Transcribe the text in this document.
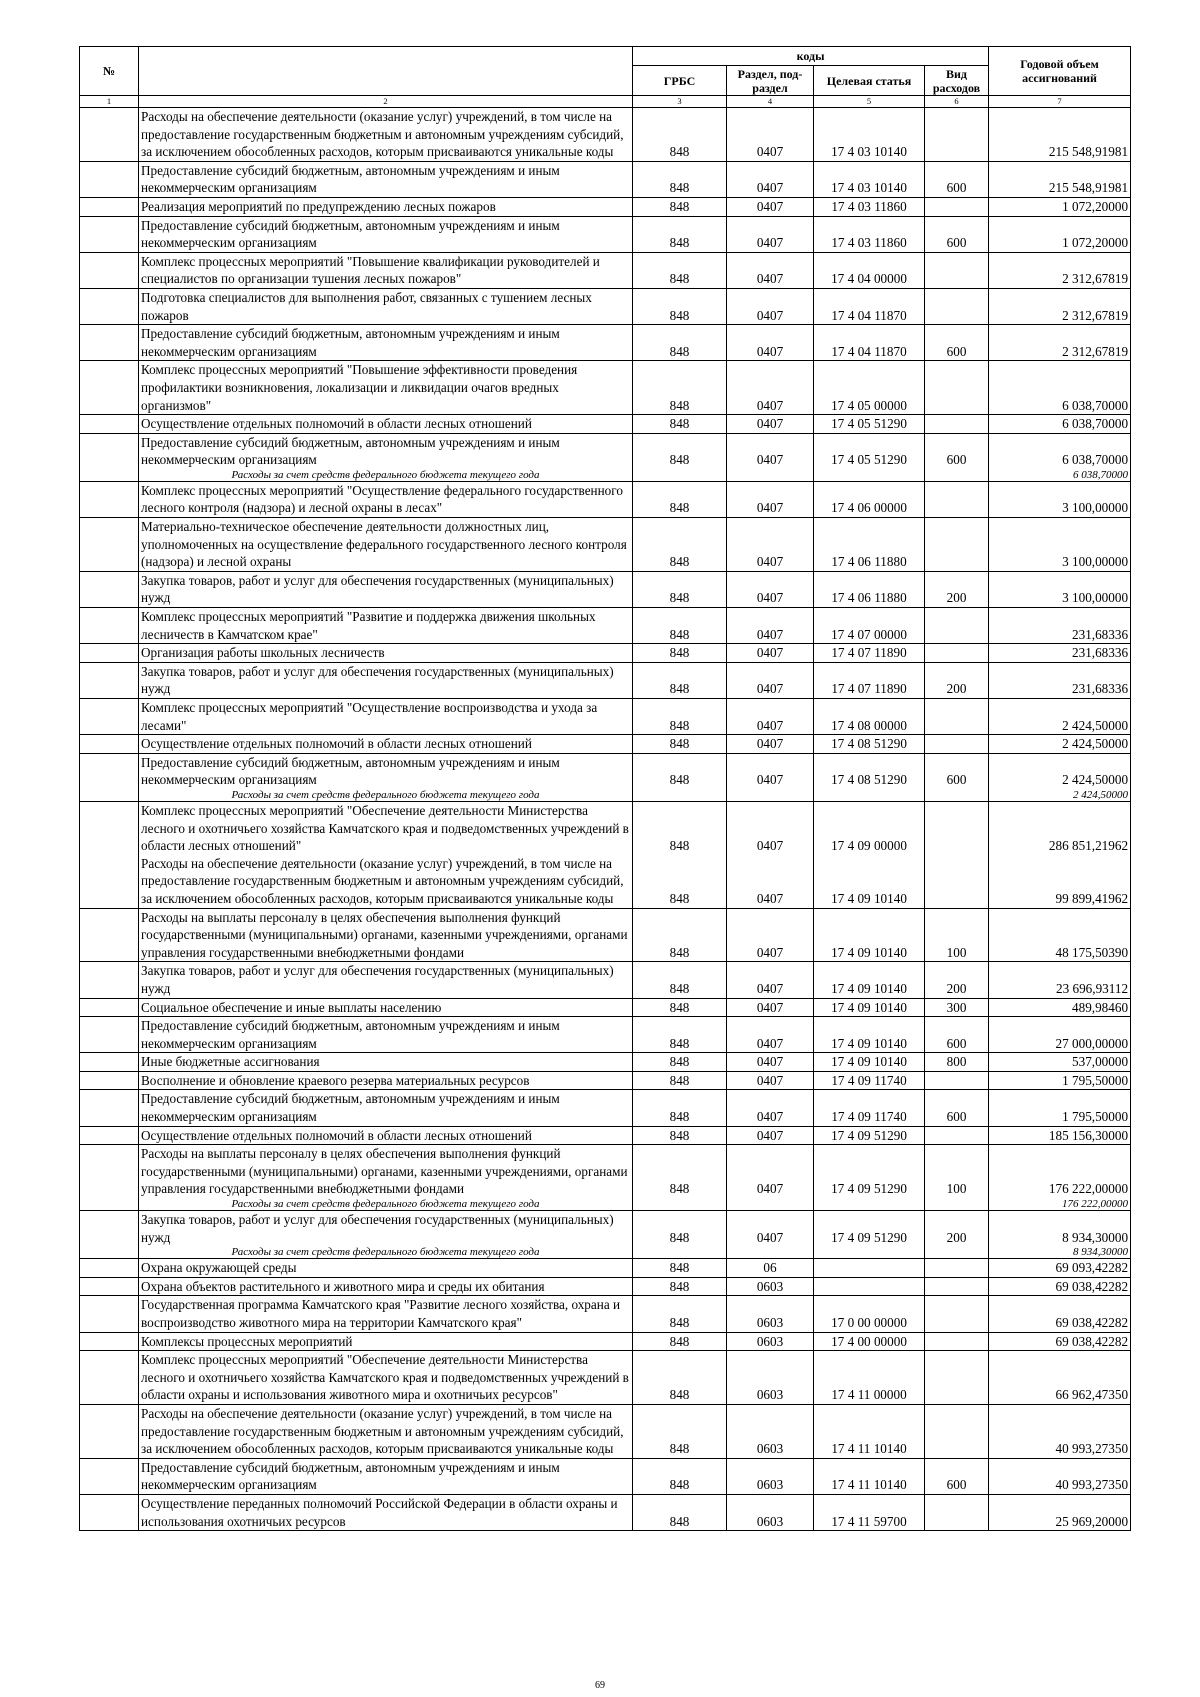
№		коды				Годовой объем ассигнований
		ГРБС	Раздел, под-раздел	Целевая статья	Вид расходов	
1	2	3	4	5	6	7
	Расходы на обеспечение деятельности (оказание услуг) учреждений, в том числе на предоставление государственным бюджетным и автономным учреждениям субсидий, за исключением обособленных расходов, которым присваиваются уникальные коды	848	0407	17 4 03 10140		215 548,91981
	Предоставление субсидий бюджетным, автономным учреждениям и иным некоммерческим организациям	848	0407	17 4 03 10140	600	215 548,91981
	Реализация мероприятий по предупреждению лесных пожаров	848	0407	17 4 03 11860		1 072,20000
	Предоставление субсидий бюджетным, автономным учреждениям и иным некоммерческим организациям	848	0407	17 4 03 11860	600	1 072,20000
	Комплекс процессных мероприятий "Повышение квалификации руководителей и специалистов по организации тушения лесных пожаров"	848	0407	17 4 04 00000		2 312,67819
	Подготовка специалистов для выполнения работ, связанных с тушением лесных пожаров	848	0407	17 4 04 11870		2 312,67819
	Предоставление субсидий бюджетным, автономным учреждениям и иным некоммерческим организациям	848	0407	17 4 04 11870	600	2 312,67819
	Комплекс процессных мероприятий "Повышение эффективности проведения профилактики возникновения, локализации и ликвидации очагов вредных организмов"	848	0407	17 4 05 00000		6 038,70000
	Осуществление отдельных полномочий в области лесных отношений	848	0407	17 4 05 51290		6 038,70000
	Предоставление субсидий бюджетным, автономным учреждениям и иным некоммерческим организациям	848	0407	17 4 05 51290	600	6 038,70000
	Расходы за счет средств федерального бюджета текущего года					6 038,70000
	Комплекс процессных мероприятий "Осуществление федерального государственного лесного контроля (надзора) и лесной охраны в лесах"	848	0407	17 4 06 00000		3 100,00000
	Материально-техническое обеспечение деятельности должностных лиц, уполномоченных на осуществление федерального государственного лесного контроля (надзора) и лесной охраны	848	0407	17 4 06 11880		3 100,00000
	Закупка товаров, работ и услуг для обеспечения государственных (муниципальных) нужд	848	0407	17 4 06 11880	200	3 100,00000
	Комплекс процессных мероприятий "Развитие и поддержка движения школьных лесничеств в Камчатском крае"	848	0407	17 4 07 00000		231,68336
	Организация работы школьных лесничеств	848	0407	17 4 07 11890		231,68336
	Закупка товаров, работ и услуг для обеспечения государственных (муниципальных) нужд	848	0407	17 4 07 11890	200	231,68336
	Комплекс процессных мероприятий "Осуществление воспроизводства и ухода за лесами"	848	0407	17 4 08 00000		2 424,50000
	Осуществление отдельных полномочий в области лесных отношений	848	0407	17 4 08 51290		2 424,50000
	Предоставление субсидий бюджетным, автономным учреждениям и иным некоммерческим организациям	848	0407	17 4 08 51290	600	2 424,50000
	Расходы за счет средств федерального бюджета текущего года					2 424,50000
	Комплекс процессных мероприятий "Обеспечение деятельности Министерства лесного и охотничьего хозяйства Камчатского края и подведомственных учреждений в области лесных отношений"	848	0407	17 4 09 00000		286 851,21962
	Расходы на обеспечение деятельности (оказание услуг) учреждений, в том числе на предоставление государственным бюджетным и автономным учреждениям субсидий, за исключением обособленных расходов, которым присваиваются уникальные коды	848	0407	17 4 09 10140		99 899,41962
	Расходы на выплаты персоналу в целях обеспечения выполнения функций государственными (муниципальными) органами, казенными учреждениями, органами управления государственными внебюджетными фондами	848	0407	17 4 09 10140	100	48 175,50390
	Закупка товаров, работ и услуг для обеспечения государственных (муниципальных) нужд	848	0407	17 4 09 10140	200	23 696,93112
	Социальное обеспечение и иные выплаты населению	848	0407	17 4 09 10140	300	489,98460
	Предоставление субсидий бюджетным, автономным учреждениям и иным некоммерческим организациям	848	0407	17 4 09 10140	600	27 000,00000
	Иные бюджетные ассигнования	848	0407	17 4 09 10140	800	537,00000
	Восполнение и обновление краевого резерва материальных ресурсов	848	0407	17 4 09 11740		1 795,50000
	Предоставление субсидий бюджетным, автономным учреждениям и иным некоммерческим организациям	848	0407	17 4 09 11740	600	1 795,50000
	Осуществление отдельных полномочий в области лесных отношений	848	0407	17 4 09 51290		185 156,30000
	Расходы на выплаты персоналу в целях обеспечения выполнения функций государственными (муниципальными) органами, казенными учреждениями, органами управления государственными внебюджетными фондами	848	0407	17 4 09 51290	100	176 222,00000
	Расходы за счет средств федерального бюджета текущего года					176 222,00000
	Закупка товаров, работ и услуг для обеспечения государственных (муниципальных) нужд	848	0407	17 4 09 51290	200	8 934,30000
	Расходы за счет средств федерального бюджета текущего года					8 934,30000
	Охрана окружающей среды	848	06			69 093,42282
	Охрана объектов растительного и животного мира и среды их обитания	848	0603			69 038,42282
	Государственная программа Камчатского края "Развитие лесного хозяйства, охрана и воспроизводство животного мира на территории Камчатского края"	848	0603	17 0 00 00000		69 038,42282
	Комплексы процессных мероприятий	848	0603	17 4 00 00000		69 038,42282
	Комплекс процессных мероприятий "Обеспечение деятельности Министерства лесного и охотничьего хозяйства Камчатского края и подведомственных учреждений в области охраны и использования животного мира и охотничьих ресурсов"	848	0603	17 4 11 00000		66 962,47350
	Расходы на обеспечение деятельности (оказание услуг) учреждений, в том числе на предоставление государственным бюджетным и автономным учреждениям субсидий, за исключением обособленных расходов, которым присваиваются уникальные коды	848	0603	17 4 11 10140		40 993,27350
	Предоставление субсидий бюджетным, автономным учреждениям и иным некоммерческим организациям	848	0603	17 4 11 10140	600	40 993,27350
	Осуществление переданных полномочий Российской Федерации в области охраны и использования охотничьих ресурсов	848	0603	17 4 11 59700		25 969,20000
69
